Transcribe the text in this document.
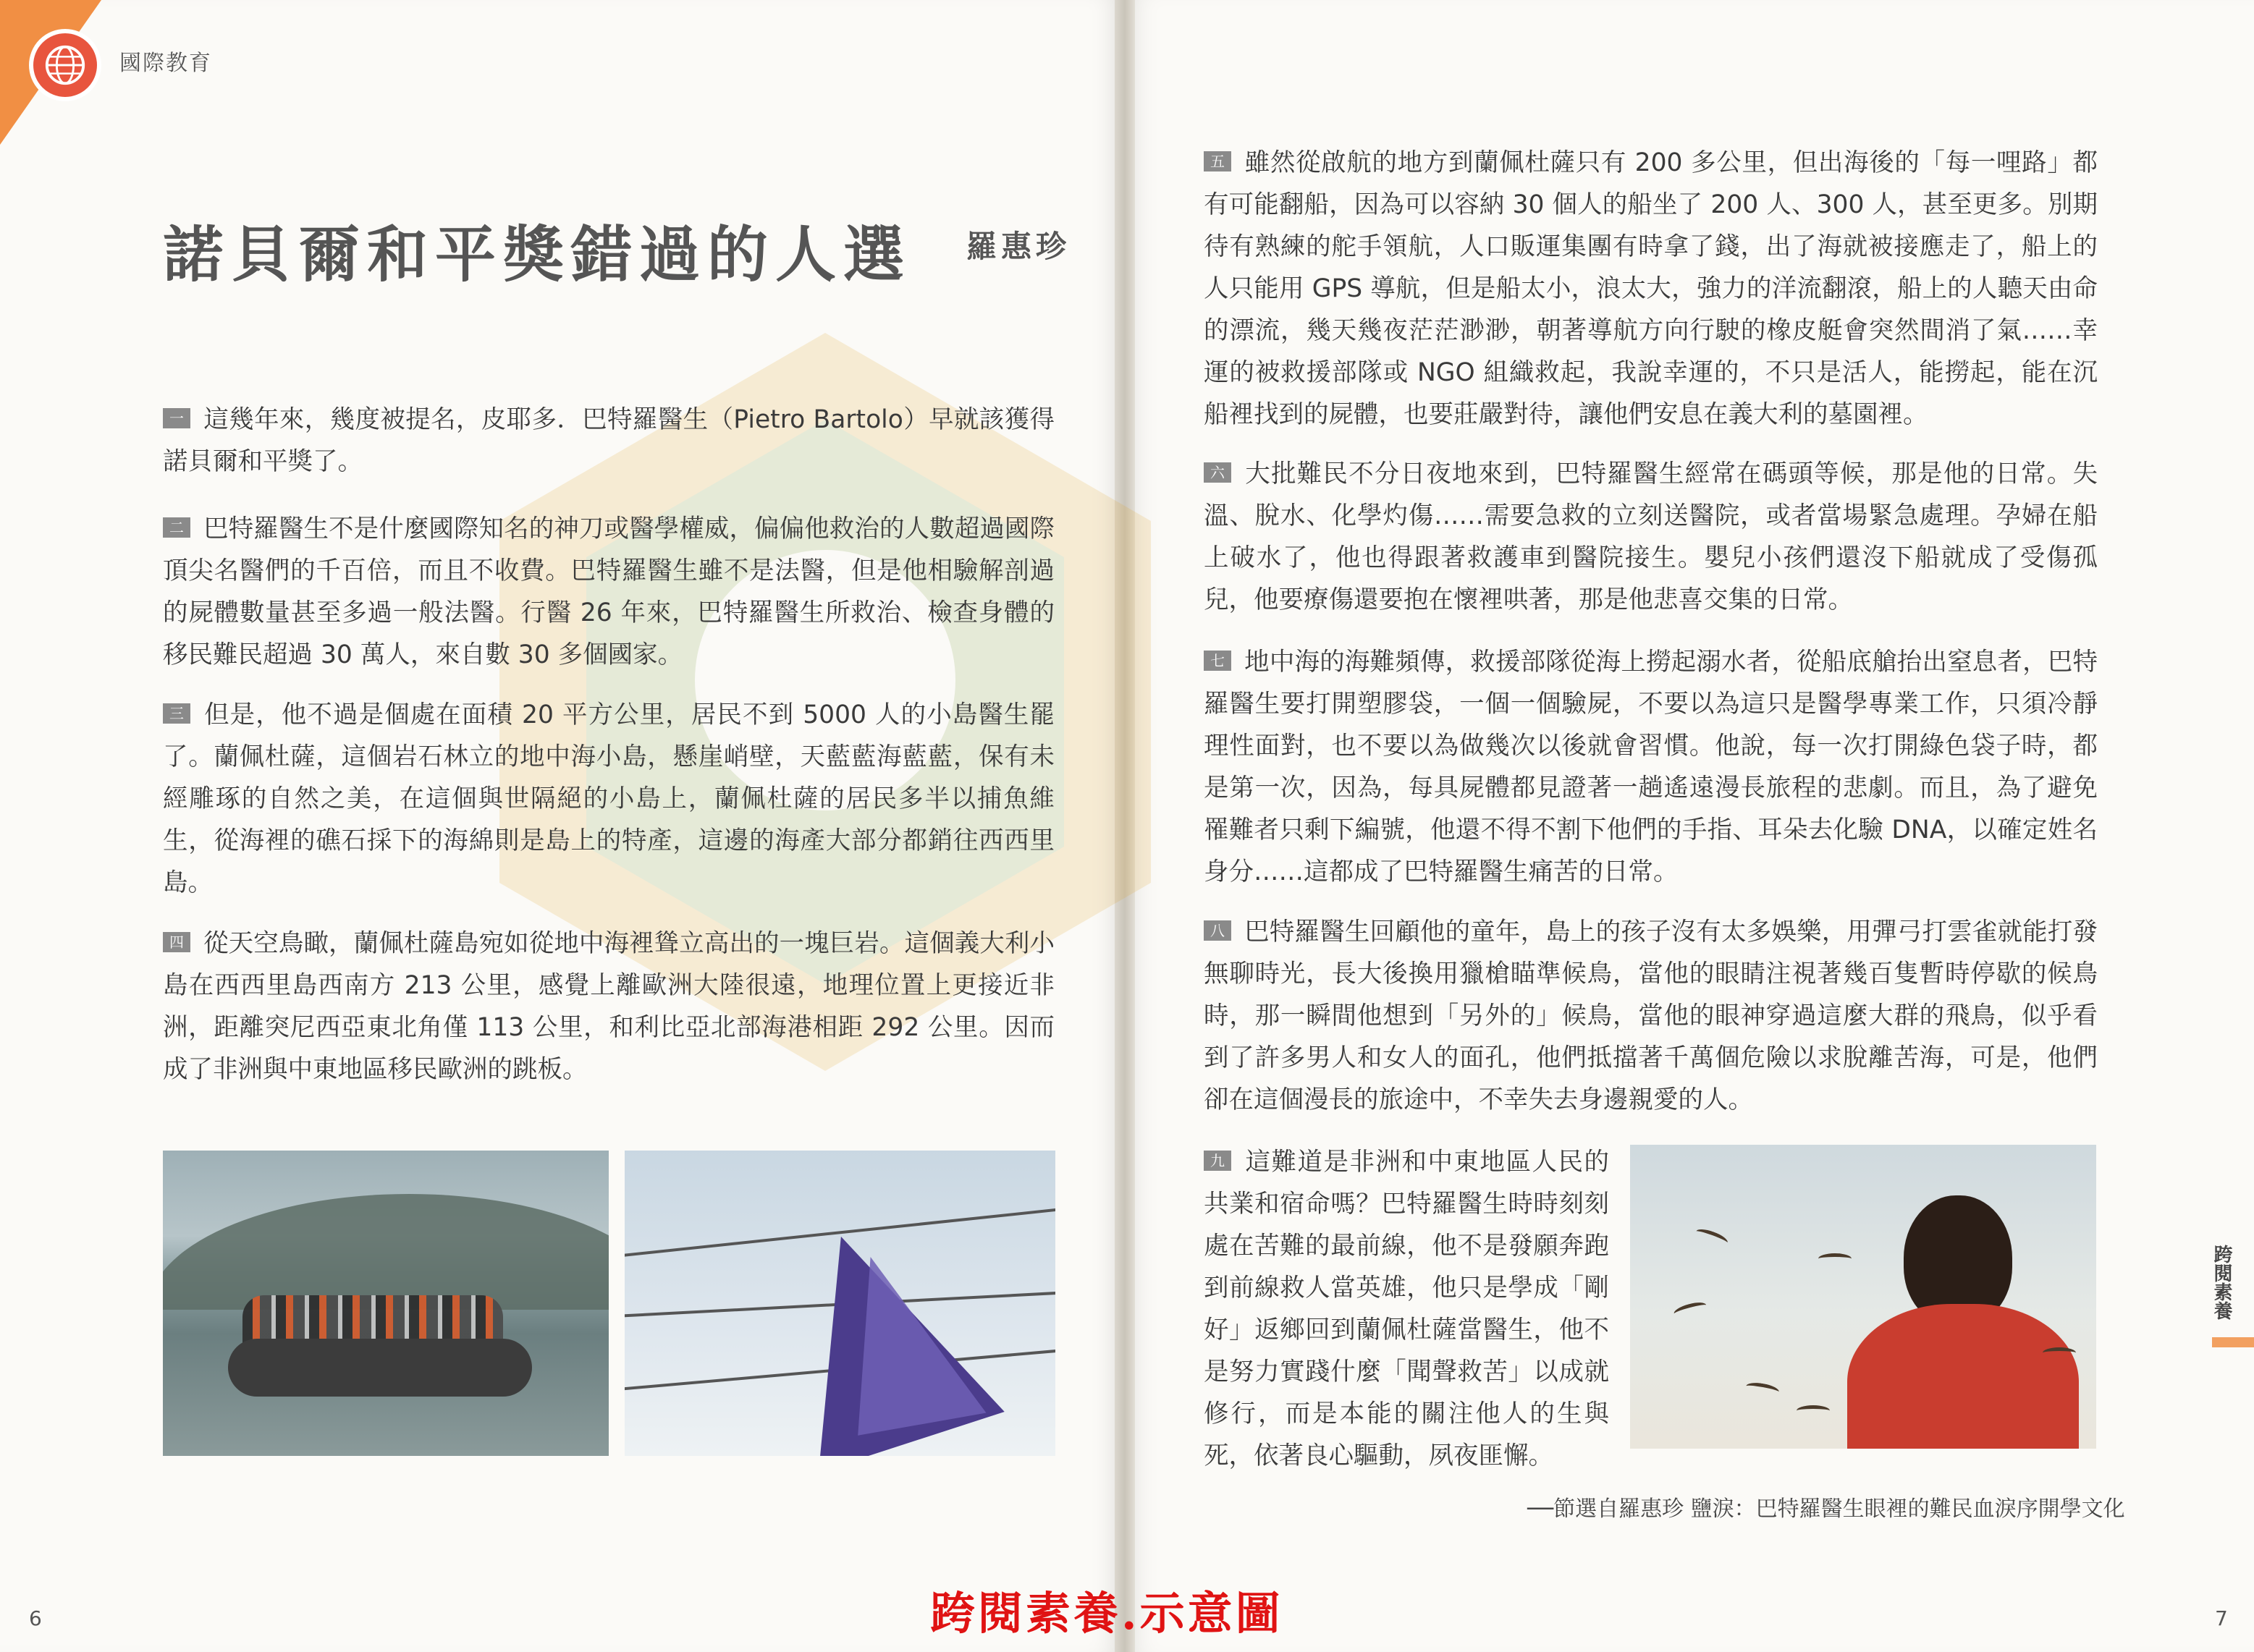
國際教育
諾貝爾和平獎錯過的人選 羅惠珍
一 這幾年來，幾度被提名，皮耶多．巴特羅醫生（Pietro Bartolo）早就該獲得諾貝爾和平獎了。
二 巴特羅醫生不是什麼國際知名的神刀或醫學權威，偏偏他救治的人數超過國際頂尖名醫們的千百倍，而且不收費。巴特羅醫生雖不是法醫，但是他相驗解剖過的屍體數量甚至多過一般法醫。行醫 26 年來，巴特羅醫生所救治、檢查身體的移民難民超過 30 萬人，來自數 30 多個國家。
三 但是，他不過是個處在面積 20 平方公里，居民不到 5000 人的小島醫生罷了。蘭佩杜薩，這個岩石林立的地中海小島，懸崖峭壁，天藍藍海藍藍，保有未經雕琢的自然之美，在這個與世隔絕的小島上，蘭佩杜薩的居民多半以捕魚維生，從海裡的礁石採下的海綿則是島上的特產，這邊的海產大部分都銷往西西里島。
四 從天空鳥瞰，蘭佩杜薩島宛如從地中海裡聳立高出的一塊巨岩。這個義大利小島在西西里島西南方 213 公里，感覺上離歐洲大陸很遠，地理位置上更接近非洲，距離突尼西亞東北角僅 113 公里，和利比亞北部海港相距 292 公里。因而成了非洲與中東地區移民歐洲的跳板。
五 雖然從啟航的地方到蘭佩杜薩只有 200 多公里，但出海後的「每一哩路」都有可能翻船，因為可以容納 30 個人的船坐了 200 人、300 人，甚至更多。別期待有熟練的舵手領航，人口販運集團有時拿了錢，出了海就被接應走了，船上的人只能用 GPS 導航，但是船太小，浪太大，強力的洋流翻滾，船上的人聽天由命的漂流，幾天幾夜茫茫渺渺，朝著導航方向行駛的橡皮艇會突然間消了氣……幸運的被救援部隊或 NGO 組織救起，我說幸運的，不只是活人，能撈起，能在沉船裡找到的屍體，也要莊嚴對待，讓他們安息在義大利的墓園裡。
六 大批難民不分日夜地來到，巴特羅醫生經常在碼頭等候，那是他的日常。失溫、脫水、化學灼傷……需要急救的立刻送醫院，或者當場緊急處理。孕婦在船上破水了，他也得跟著救護車到醫院接生。嬰兒小孩們還沒下船就成了受傷孤兒，他要療傷還要抱在懷裡哄著，那是他悲喜交集的日常。
七 地中海的海難頻傳，救援部隊從海上撈起溺水者，從船底艙抬出窒息者，巴特羅醫生要打開塑膠袋，一個一個驗屍，不要以為這只是醫學專業工作，只須冷靜理性面對，也不要以為做幾次以後就會習慣。他說，每一次打開綠色袋子時，都是第一次，因為，每具屍體都見證著一趟遙遠漫長旅程的悲劇。而且，為了避免罹難者只剩下編號，他還不得不割下他們的手指、耳朵去化驗 DNA，以確定姓名身分……這都成了巴特羅醫生痛苦的日常。
八 巴特羅醫生回顧他的童年，島上的孩子沒有太多娛樂，用彈弓打雲雀就能打發無聊時光，長大後換用獵槍瞄準候鳥，當他的眼睛注視著幾百隻暫時停歇的候鳥時，那一瞬間他想到「另外的」候鳥，當他的眼神穿過這麼大群的飛鳥，似乎看到了許多男人和女人的面孔，他們抵擋著千萬個危險以求脫離苦海，可是，他們卻在這個漫長的旅途中，不幸失去身邊親愛的人。
九 這難道是非洲和中東地區人民的共業和宿命嗎？巴特羅醫生時時刻刻處在苦難的最前線，他不是發願奔跑到前線救人當英雄，他只是學成「剛好」返鄉回到蘭佩杜薩當醫生，他不是努力實踐什麼「聞聲救苦」以成就修行，而是本能的關注他人的生與死，依著良心驅動，夙夜匪懈。
──節選自羅惠珍 鹽淚：巴特羅醫生眼裡的難民血淚序開學文化
跨閱素養
6	7
跨閱素養.示意圖
